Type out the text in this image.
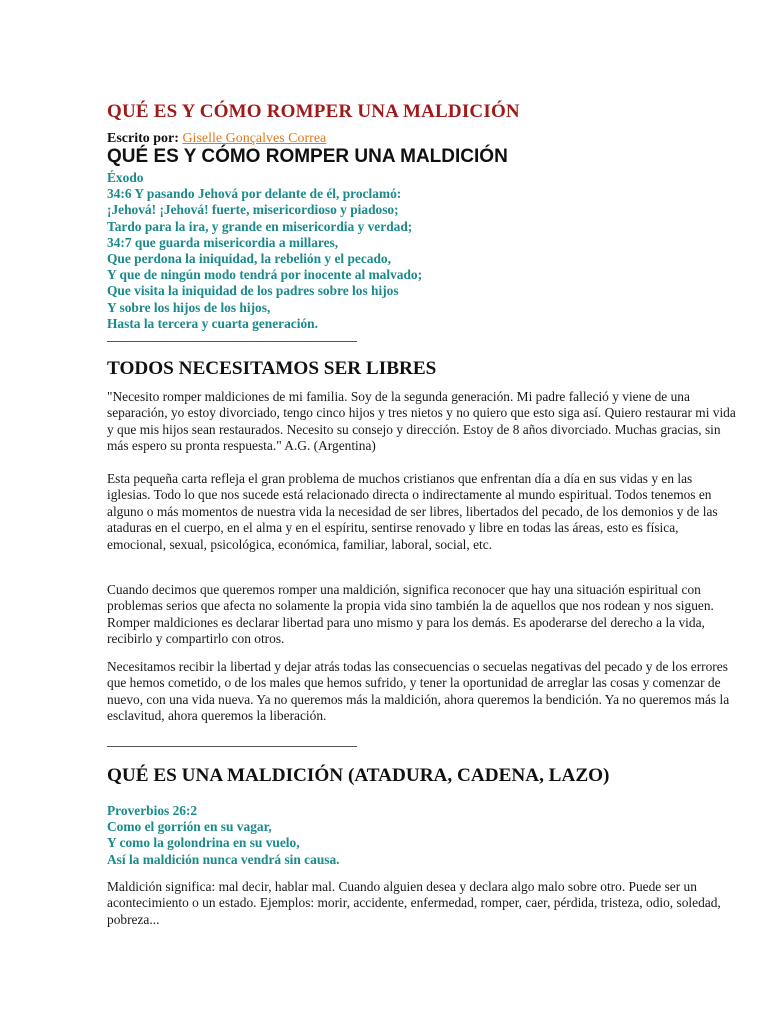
QUÉ ES Y CÓMO ROMPER UNA MALDICIÓN
Escrito por: Giselle Gonçalves Correa
QUÉ ES Y CÓMO ROMPER UNA MALDICIÓN
Éxodo
34:6 Y pasando Jehová por delante de él, proclamó:
¡Jehová! ¡Jehová! fuerte, misericordioso y piadoso;
Tardo para la ira, y grande en misericordia y verdad;
34:7 que guarda misericordia a millares,
Que perdona la iniquidad, la rebelión y el pecado,
Y que de ningún modo tendrá por inocente al malvado;
Que visita la iniquidad de los padres sobre los hijos
Y sobre los hijos de los hijos,
Hasta la tercera y cuarta generación.
TODOS NECESITAMOS SER LIBRES
"Necesito romper maldiciones de mi familia. Soy de la segunda generación. Mi padre falleció y viene de una separación, yo estoy divorciado, tengo cinco hijos y tres nietos y no quiero que esto siga así. Quiero restaurar mi vida y que mis hijos sean restaurados. Necesito su consejo y dirección. Estoy de 8 años divorciado. Muchas gracias, sin más espero su pronta respuesta." A.G. (Argentina)
Esta pequeña carta refleja el gran problema de muchos cristianos que enfrentan día a día en sus vidas y en las iglesias. Todo lo que nos sucede está relacionado directa o indirectamente al mundo espiritual. Todos tenemos en alguno o más momentos de nuestra vida la necesidad de ser libres, libertados del pecado, de los demonios y de las ataduras en el cuerpo, en el alma y en el espíritu, sentirse renovado y libre en todas las áreas, esto es física, emocional, sexual, psicológica, económica, familiar, laboral, social, etc.
Cuando decimos que queremos romper una maldición, significa reconocer que hay una situación espiritual con problemas serios que afecta no solamente la propia vida sino también la de aquellos que nos rodean y nos siguen. Romper maldiciones es declarar libertad para uno mismo y para los demás. Es apoderarse del derecho a la vida, recibirlo y compartirlo con otros.
Necesitamos recibir la libertad y dejar atrás todas las consecuencias o secuelas negativas del pecado y de los errores que hemos cometido, o de los males que hemos sufrido, y tener la oportunidad de arreglar las cosas y comenzar de nuevo, con una vida nueva. Ya no queremos más la maldición, ahora queremos la bendición. Ya no queremos más la esclavitud, ahora queremos la liberación.
QUÉ ES UNA MALDICIÓN (ATADURA, CADENA, LAZO)
Proverbios 26:2
Como el gorrión en su vagar,
Y como la golondrina en su vuelo,
Así la maldición nunca vendrá sin causa.
Maldición significa: mal decir, hablar mal. Cuando alguien desea y declara algo malo sobre otro. Puede ser un acontecimiento o un estado. Ejemplos: morir, accidente, enfermedad, romper, caer, pérdida, tristeza, odio, soledad, pobreza...
